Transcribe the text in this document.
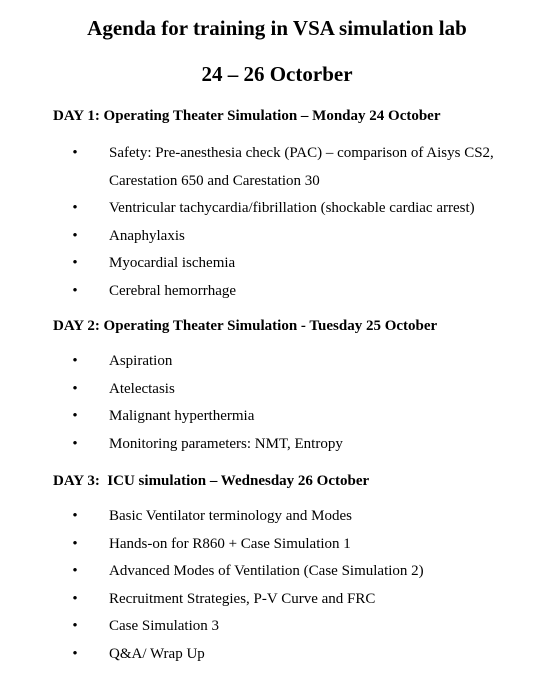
Agenda for training in VSA simulation lab
24 – 26 Octorber
DAY 1: Operating Theater Simulation – Monday 24 October
• Safety: Pre-anesthesia check (PAC) – comparison of Aisys CS2, Carestation 650 and Carestation 30
• Ventricular tachycardia/fibrillation (shockable cardiac arrest)
• Anaphylaxis
• Myocardial ischemia
• Cerebral hemorrhage
DAY 2: Operating Theater Simulation - Tuesday 25 October
• Aspiration
• Atelectasis
• Malignant hyperthermia
• Monitoring parameters: NMT, Entropy
DAY 3:  ICU simulation – Wednesday 26 October
• Basic Ventilator terminology and Modes
• Hands-on for R860 + Case Simulation 1
• Advanced Modes of Ventilation (Case Simulation 2)
• Recruitment Strategies, P-V Curve and FRC
• Case Simulation 3
• Q&A/ Wrap Up
